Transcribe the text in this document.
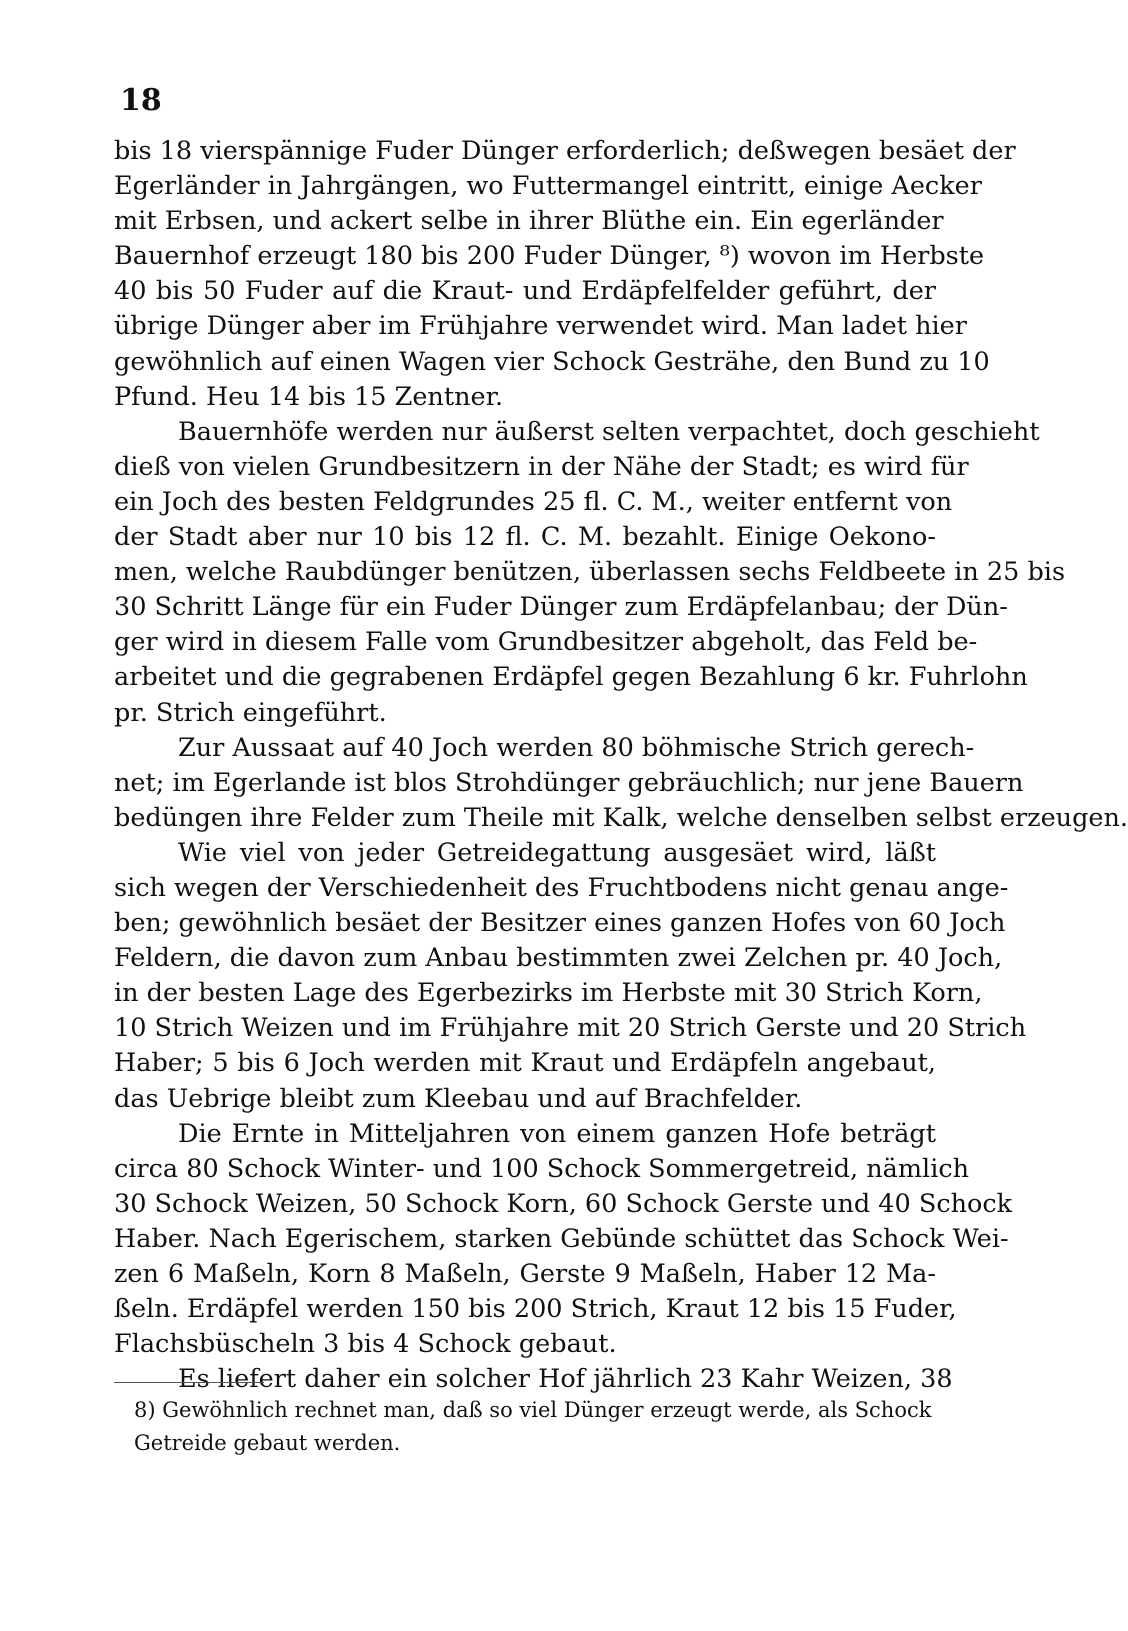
18
bis 18 vierspännige Fuder Dünger erforderlich; deßwegen besäet der
Egerländer in Jahrgängen, wo Futtermangel eintritt, einige Aecker
mit Erbsen, und ackert selbe in ihrer Blüthe ein. Ein egerländer
Bauernhof erzeugt 180 bis 200 Fuder Dünger, ⁸) wovon im Herbste
40 bis 50 Fuder auf die Kraut- und Erdäpfelfelder geführt, der
übrige Dünger aber im Frühjahre verwendet wird. Man ladet hier
gewöhnlich auf einen Wagen vier Schock Gesträhe, den Bund zu 10
Pfund. Heu 14 bis 15 Zentner.
Bauernhöfe werden nur äußerst selten verpachtet, doch geschieht
dieß von vielen Grundbesitzern in der Nähe der Stadt; es wird für
ein Joch des besten Feldgrundes 25 fl. C. M., weiter entfernt von
der Stadt aber nur 10 bis 12 fl. C. M. bezahlt. Einige Oekono-
men, welche Raubdünger benützen, überlassen sechs Feldbeete in 25 bis
30 Schritt Länge für ein Fuder Dünger zum Erdäpfelanbau; der Dün-
ger wird in diesem Falle vom Grundbesitzer abgeholt, das Feld be-
arbeitet und die gegrabenen Erdäpfel gegen Bezahlung 6 kr. Fuhrlohn
pr. Strich eingeführt.
Zur Aussaat auf 40 Joch werden 80 böhmische Strich gerech-
net; im Egerlande ist blos Strohdünger gebräuchlich; nur jene Bauern
bedüngen ihre Felder zum Theile mit Kalk, welche denselben selbst erzeugen.
Wie viel von jeder Getreidegattung ausgesäet wird, läßt
sich wegen der Verschiedenheit des Fruchtbodens nicht genau ange-
ben; gewöhnlich besäet der Besitzer eines ganzen Hofes von 60 Joch
Feldern, die davon zum Anbau bestimmten zwei Zelchen pr. 40 Joch,
in der besten Lage des Egerbezirks im Herbste mit 30 Strich Korn,
10 Strich Weizen und im Frühjahre mit 20 Strich Gerste und 20 Strich
Haber; 5 bis 6 Joch werden mit Kraut und Erdäpfeln angebaut,
das Uebrige bleibt zum Kleebau und auf Brachfelder.
Die Ernte in Mitteljahren von einem ganzen Hofe beträgt
circa 80 Schock Winter- und 100 Schock Sommergetreid, nämlich
30 Schock Weizen, 50 Schock Korn, 60 Schock Gerste und 40 Schock
Haber. Nach Egerischem, starken Gebünde schüttet das Schock Wei-
zen 6 Maßeln, Korn 8 Maßeln, Gerste 9 Maßeln, Haber 12 Ma-
ßeln. Erdäpfel werden 150 bis 200 Strich, Kraut 12 bis 15 Fuder,
Flachsbüscheln 3 bis 4 Schock gebaut.
Es liefert daher ein solcher Hof jährlich 23 Kahr Weizen, 38
8) Gewöhnlich rechnet man, daß so viel Dünger erzeugt werde, als Schock
Getreide gebaut werden.
